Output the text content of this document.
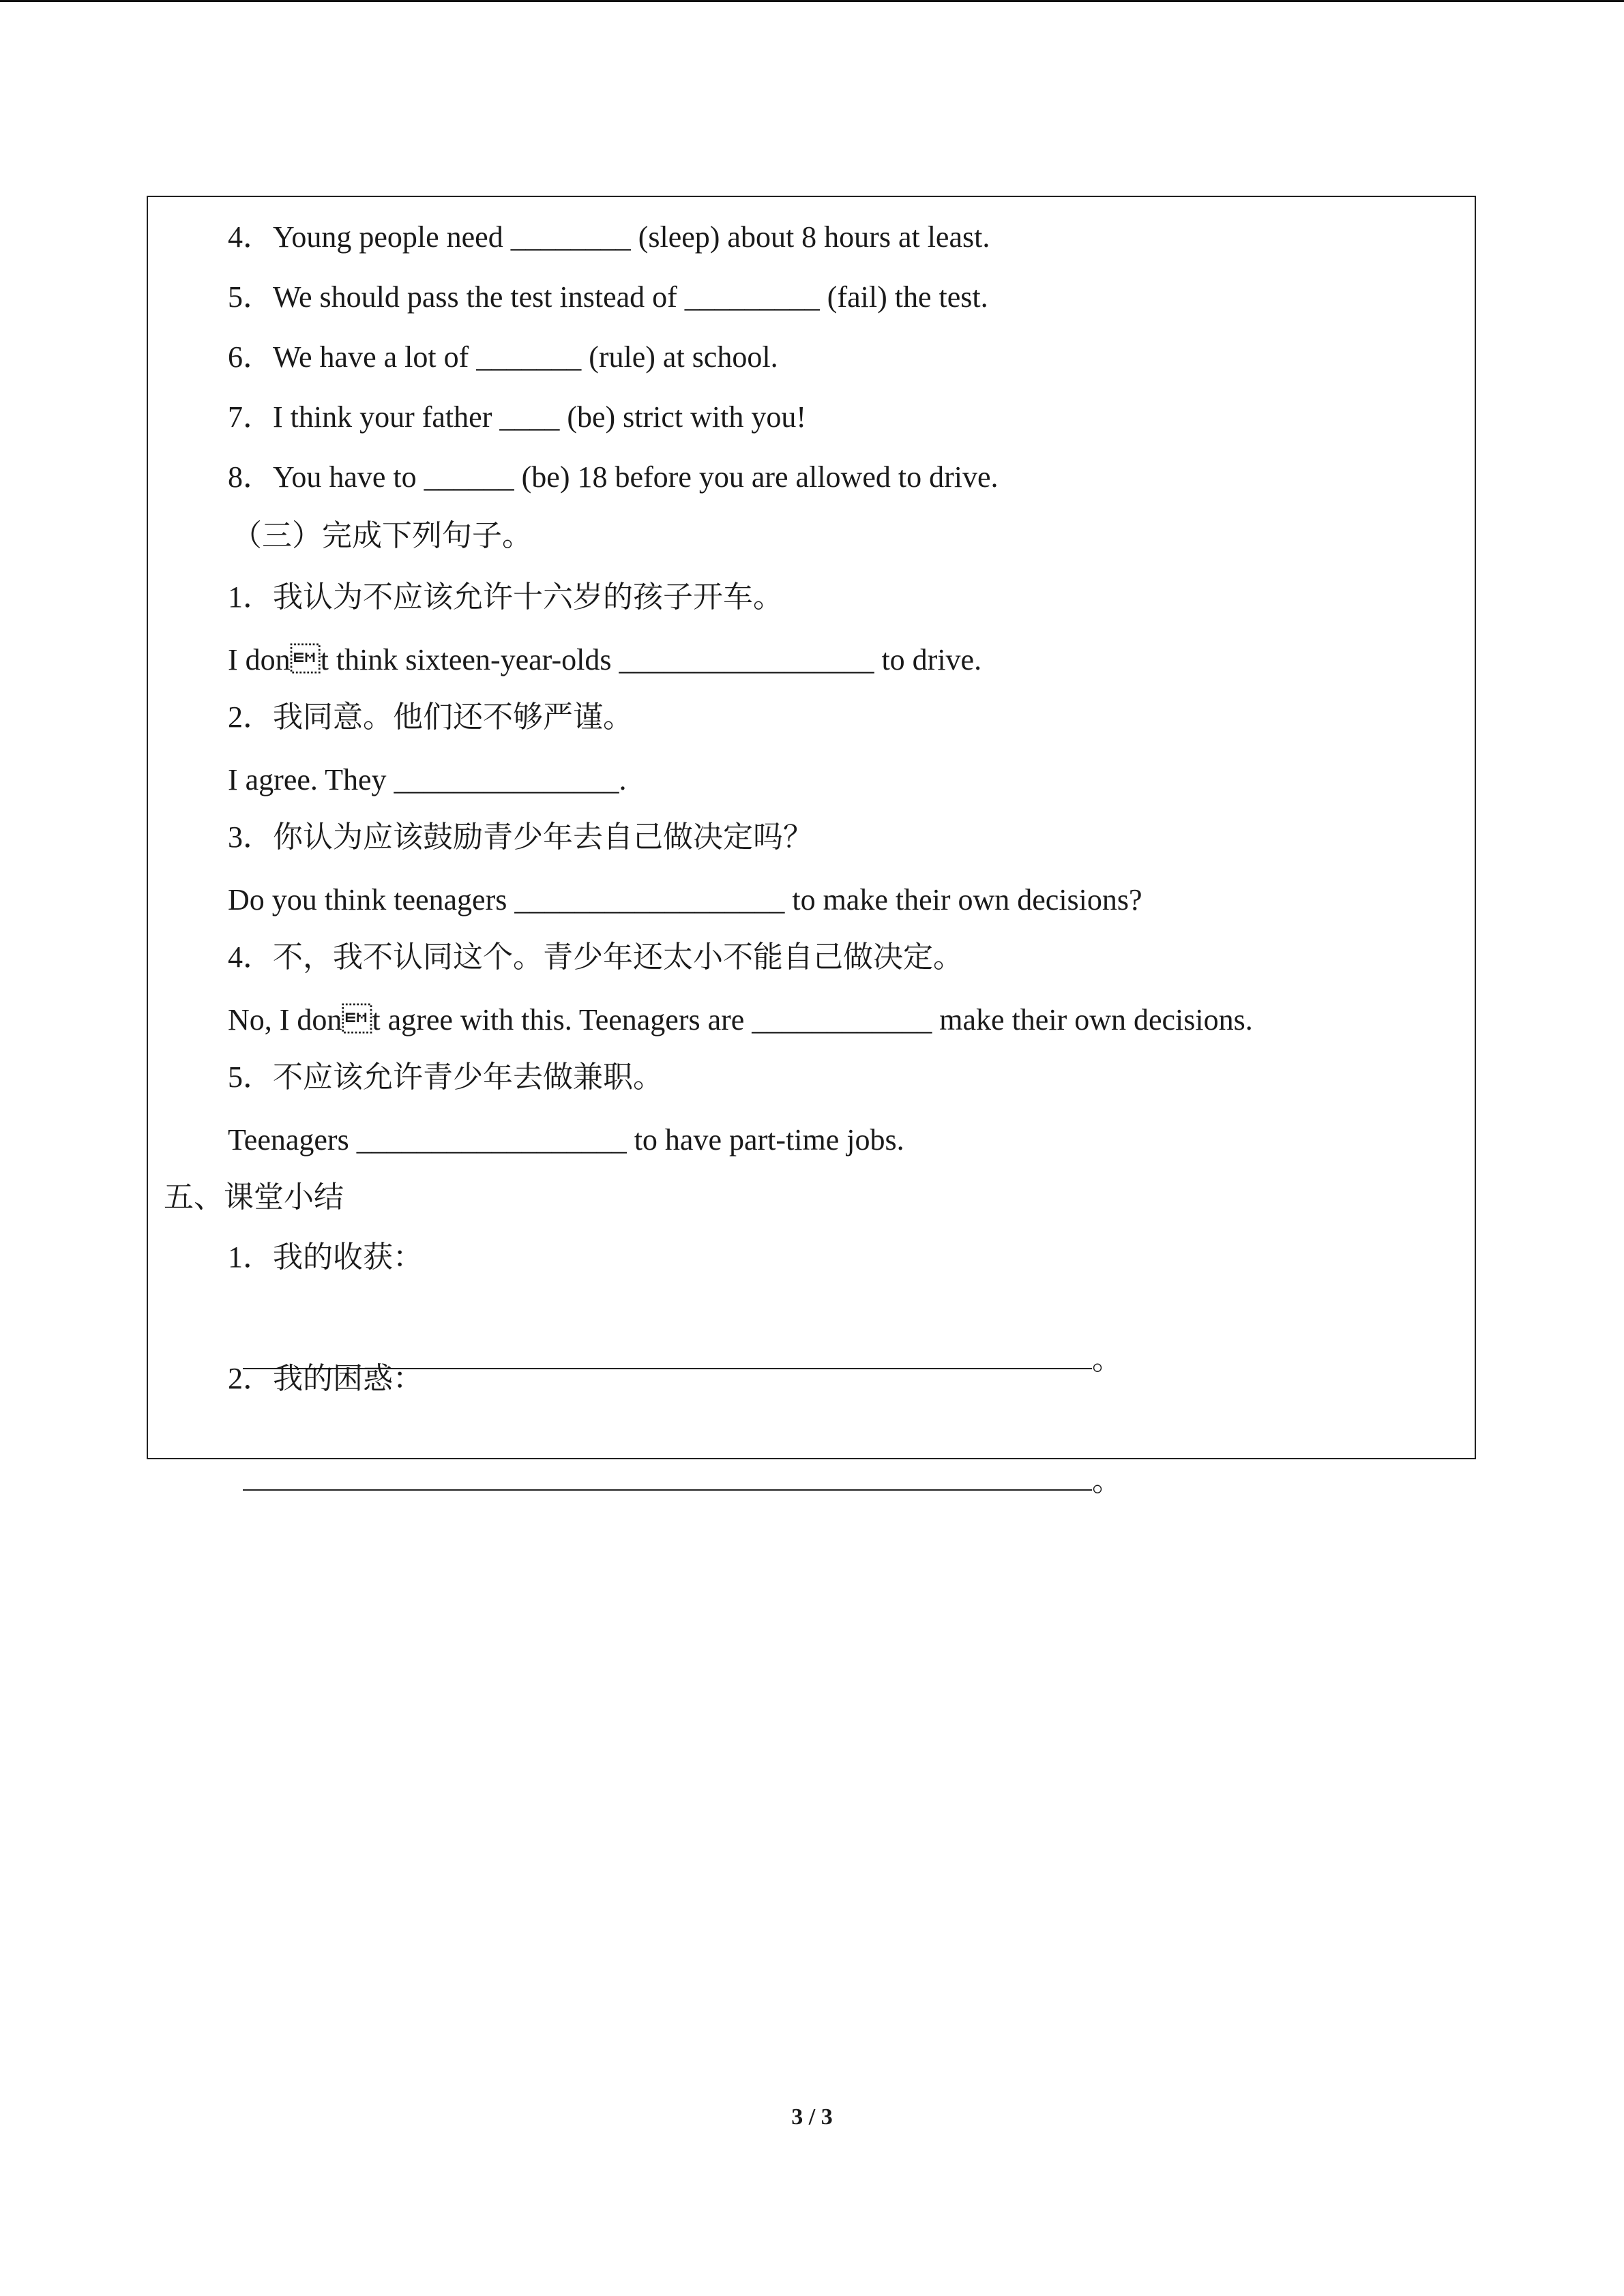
4．Young people need ________ (sleep) about 8 hours at least.
5．We should pass the test instead of _________ (fail) the test.
6．We have a lot of _______ (rule) at school.
7．I think your father ____ (be) strict with you!
8．You have to ______ (be) 18 before you are allowed to drive.
（三）完成下列句子。
1．我认为不应该允许十六岁的孩子开车。
I dont think sixteen-year-olds _________________ to drive.
2．我同意。他们还不够严谨。
I agree. They _______________.
3．你认为应该鼓励青少年去自己做决定吗？
Do you think teenagers __________________ to make their own decisions?
4．不，我不认同这个。青少年还太小不能自己做决定。
No, I dont agree with this. Teenagers are ____________ make their own decisions.
5．不应该允许青少年去做兼职。
Teenagers __________________ to have part-time jobs.
五、课堂小结
1．我的收获：

。

2．我的困惑：

。

3 / 3
